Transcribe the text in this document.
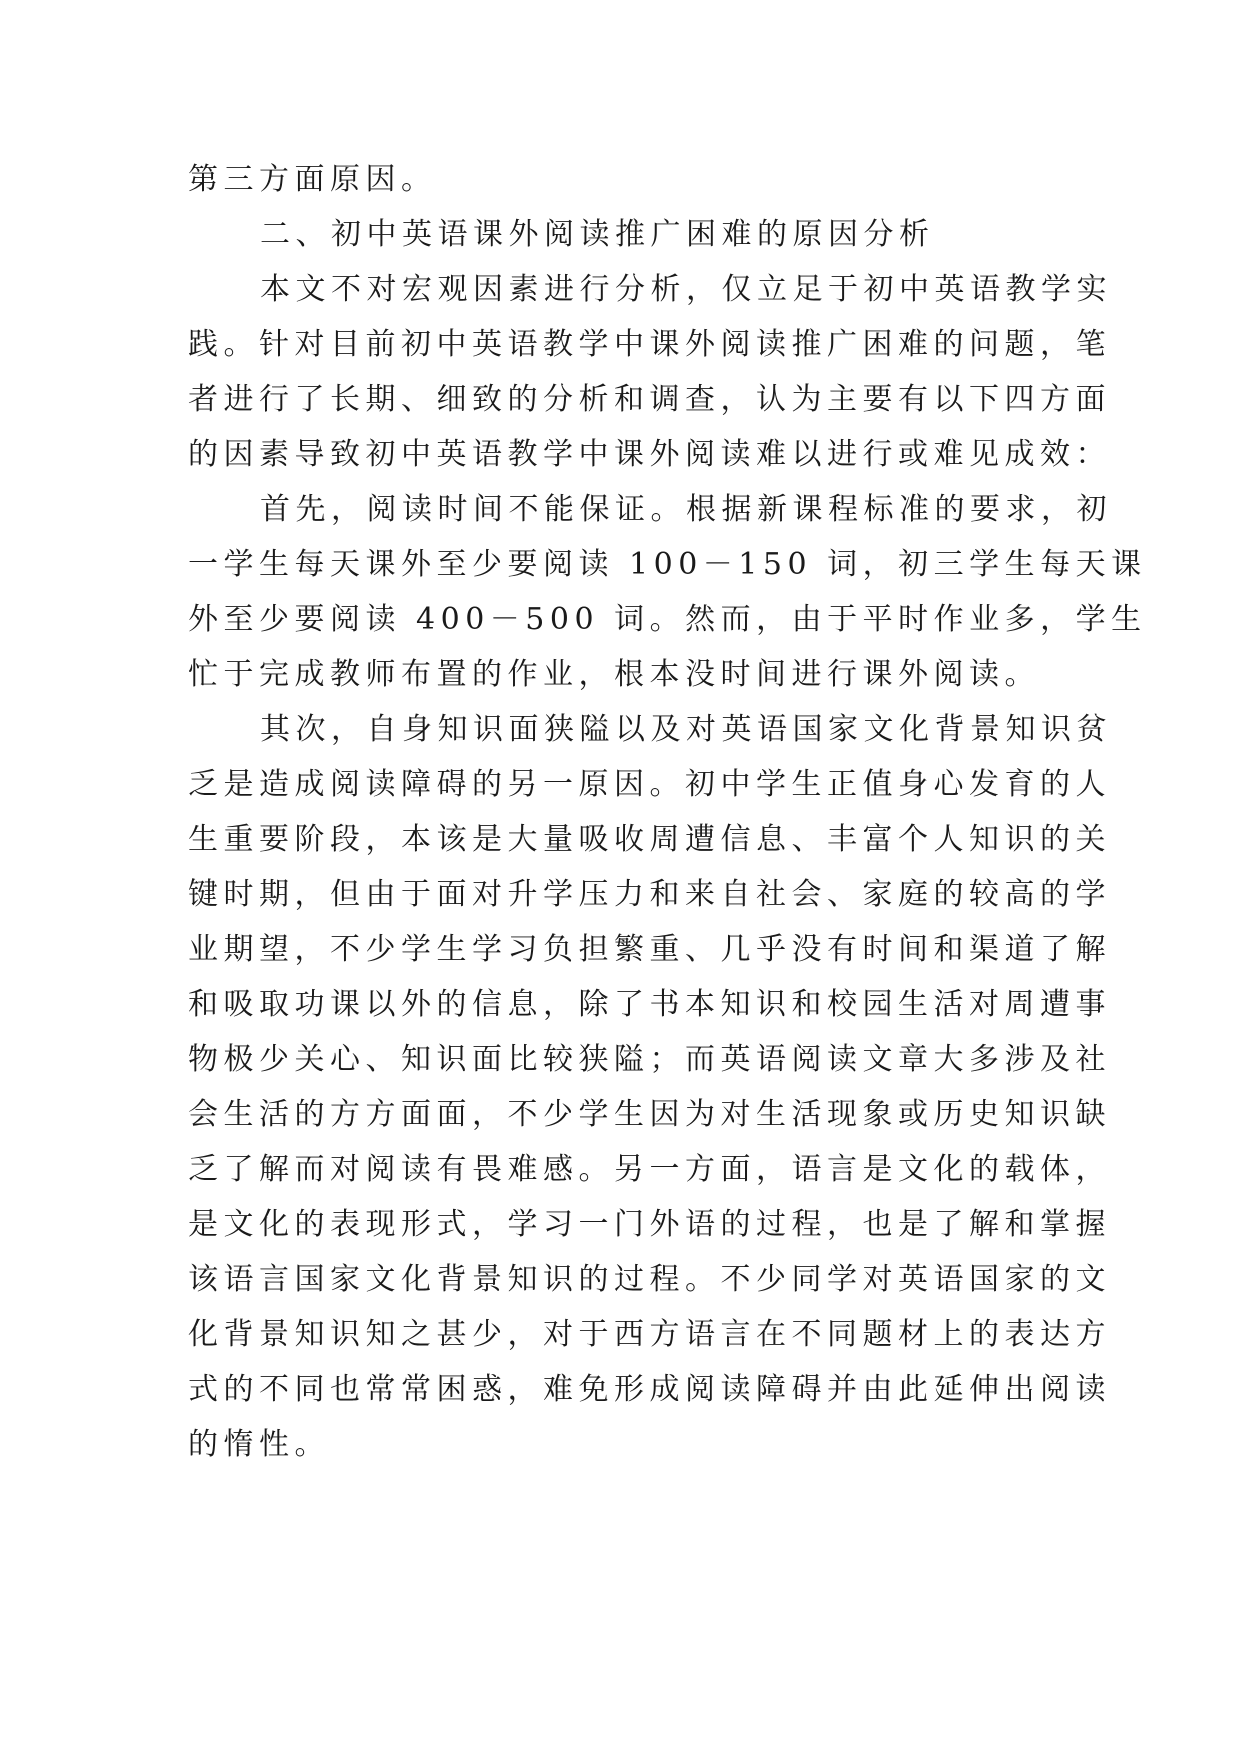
第三方面原因。
二、初中英语课外阅读推广困难的原因分析
本文不对宏观因素进行分析，仅立足于初中英语教学实
践。针对目前初中英语教学中课外阅读推广困难的问题，笔
者进行了长期、细致的分析和调查，认为主要有以下四方面
的因素导致初中英语教学中课外阅读难以进行或难见成效：
首先，阅读时间不能保证。根据新课程标准的要求，初
一学生每天课外至少要阅读 100－150 词，初三学生每天课
外至少要阅读 400－500 词。然而，由于平时作业多，学生
忙于完成教师布置的作业，根本没时间进行课外阅读。
其次，自身知识面狭隘以及对英语国家文化背景知识贫
乏是造成阅读障碍的另一原因。初中学生正值身心发育的人
生重要阶段，本该是大量吸收周遭信息、丰富个人知识的关
键时期，但由于面对升学压力和来自社会、家庭的较高的学
业期望，不少学生学习负担繁重、几乎没有时间和渠道了解
和吸取功课以外的信息，除了书本知识和校园生活对周遭事
物极少关心、知识面比较狭隘；而英语阅读文章大多涉及社
会生活的方方面面，不少学生因为对生活现象或历史知识缺
乏了解而对阅读有畏难感。另一方面，语言是文化的载体，
是文化的表现形式，学习一门外语的过程，也是了解和掌握
该语言国家文化背景知识的过程。不少同学对英语国家的文
化背景知识知之甚少，对于西方语言在不同题材上的表达方
式的不同也常常困惑，难免形成阅读障碍并由此延伸出阅读
的惰性。
